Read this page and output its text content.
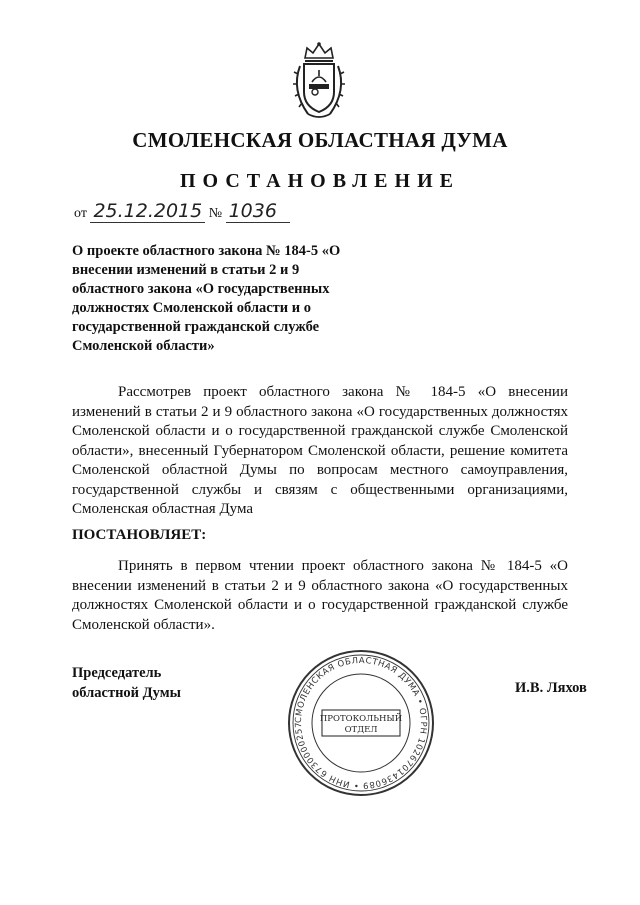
СМОЛЕНСКАЯ ОБЛАСТНАЯ ДУМА
ПОСТАНОВЛЕНИЕ
от 25.12.2015 № 1036
О проекте областного закона № 184-5 «О внесении изменений в статьи 2 и 9 областного закона «О государственных должностях Смоленской области и о государственной гражданской службе Смоленской области»
Рассмотрев проект областного закона № 184-5 «О внесении изменений в статьи 2 и 9 областного закона «О государственных должностях Смоленской области и о государственной гражданской службе Смоленской области», внесенный Губернатором Смоленской области, решение комитета Смоленской областной Думы по вопросам местного самоуправления, государственной службы и связям с общественными организациями, Смоленская областная Дума
ПОСТАНОВЛЯЕТ:
Принять в первом чтении проект областного закона № 184-5 «О внесении изменений в статьи 2 и 9 областного закона «О государственных должностях Смоленской области и о государственной гражданской службе Смоленской области».
Председатель
областной Думы	И.В. Ляхов
СМОЛЕНСКАЯ ОБЛАСТНАЯ ДУМА • ОГРН 1026701436089 • ИНН 6730000257
ПРОТОКОЛЬНЫЙ
ОТДЕЛ
